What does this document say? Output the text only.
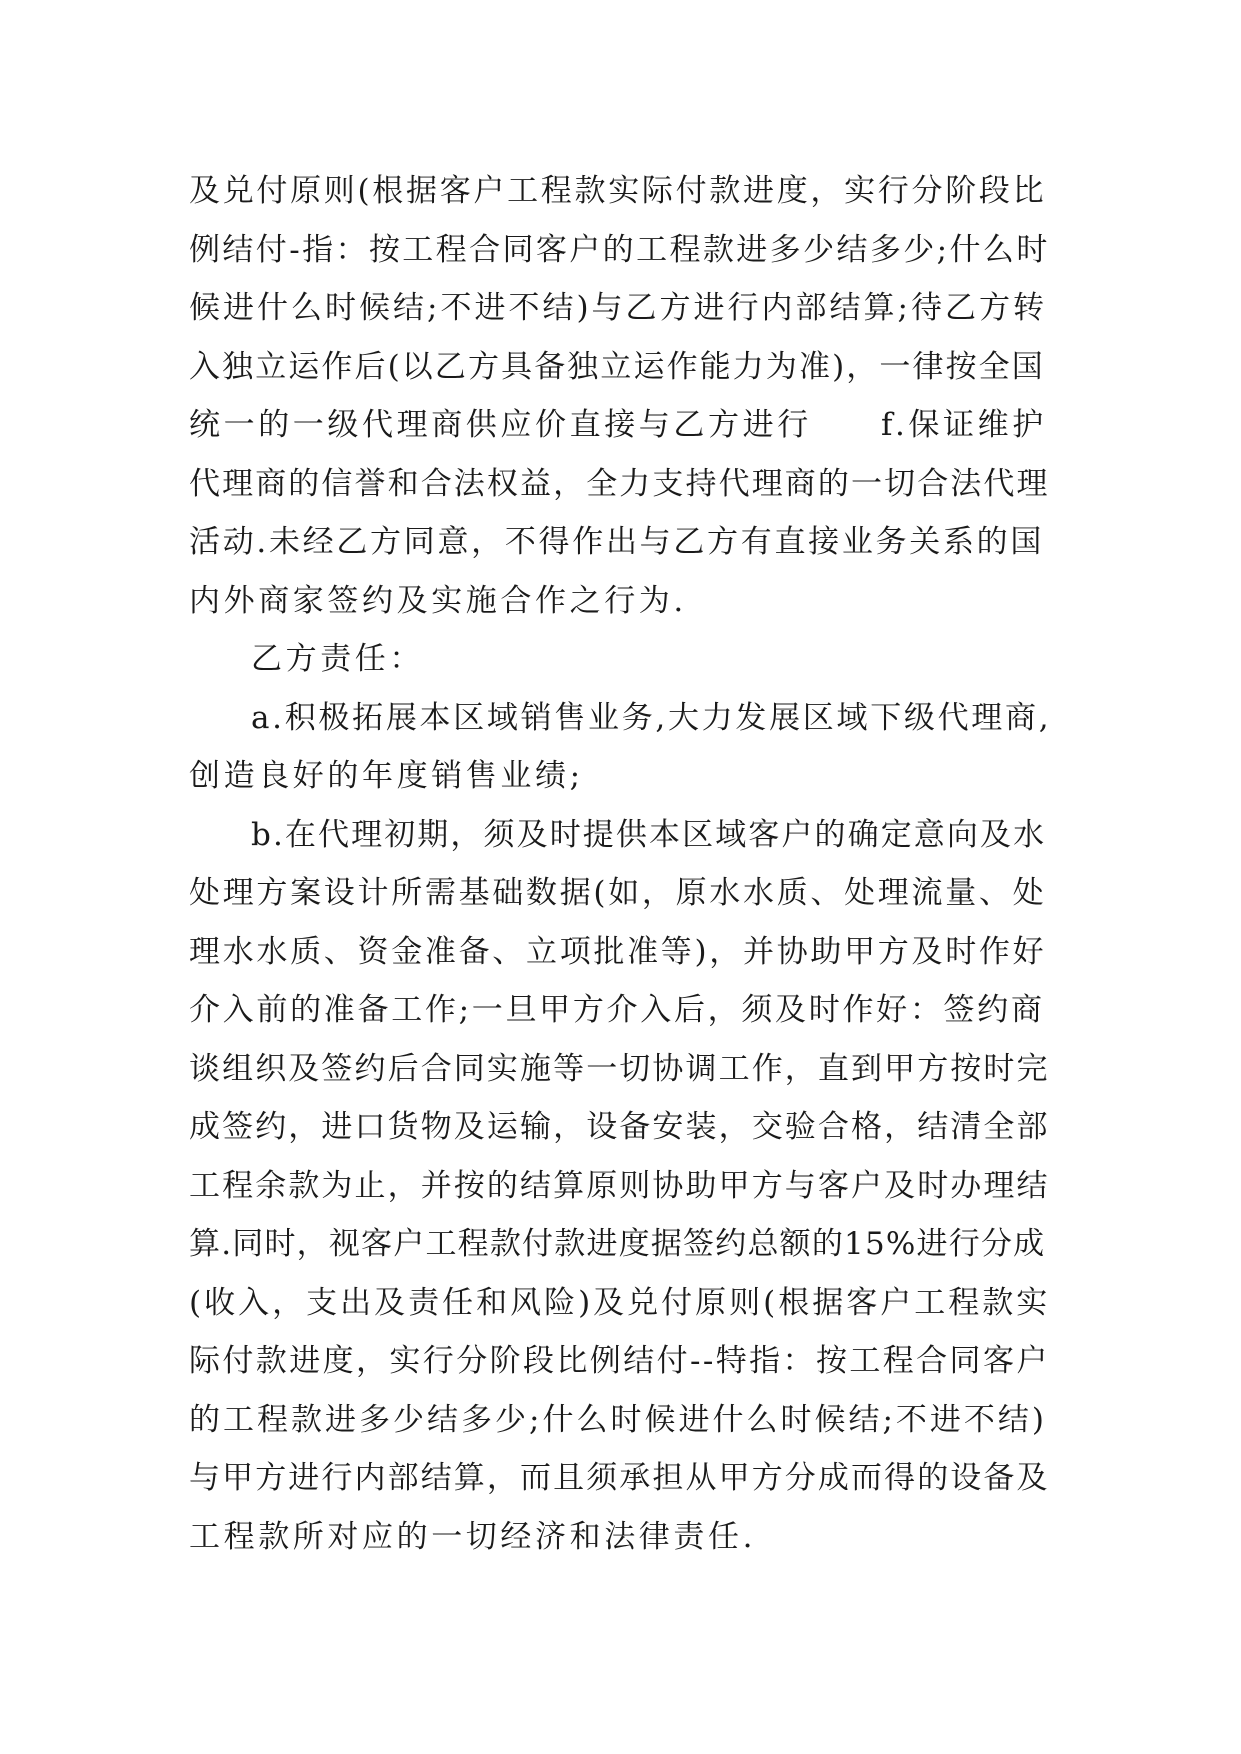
及兑付原则(根据客户工程款实际付款进度，实行分阶段比
例结付-指：按工程合同客户的工程款进多少结多少;什么时
候进什么时候结;不进不结)与乙方进行内部结算;待乙方转
入独立运作后(以乙方具备独立运作能力为准)，一律按全国
统一的一级代理商供应价直接与乙方进行　　f.保证维护
代理商的信誉和合法权益，全力支持代理商的一切合法代理
活动.未经乙方同意，不得作出与乙方有直接业务关系的国
内外商家签约及实施合作之行为.
乙方责任：
a.积极拓展本区域销售业务,大力发展区域下级代理商,
创造良好的年度销售业绩;
b.在代理初期，须及时提供本区域客户的确定意向及水
处理方案设计所需基础数据(如，原水水质、处理流量、处
理水水质、资金准备、立项批准等)，并协助甲方及时作好
介入前的准备工作;一旦甲方介入后，须及时作好：签约商
谈组织及签约后合同实施等一切协调工作，直到甲方按时完
成签约，进口货物及运输，设备安装，交验合格，结清全部
工程余款为止，并按的结算原则协助甲方与客户及时办理结
算.同时，视客户工程款付款进度据签约总额的15%进行分成
(收入，支出及责任和风险)及兑付原则(根据客户工程款实
际付款进度，实行分阶段比例结付--特指：按工程合同客户
的工程款进多少结多少;什么时候进什么时候结;不进不结)
与甲方进行内部结算，而且须承担从甲方分成而得的设备及
工程款所对应的一切经济和法律责任.
